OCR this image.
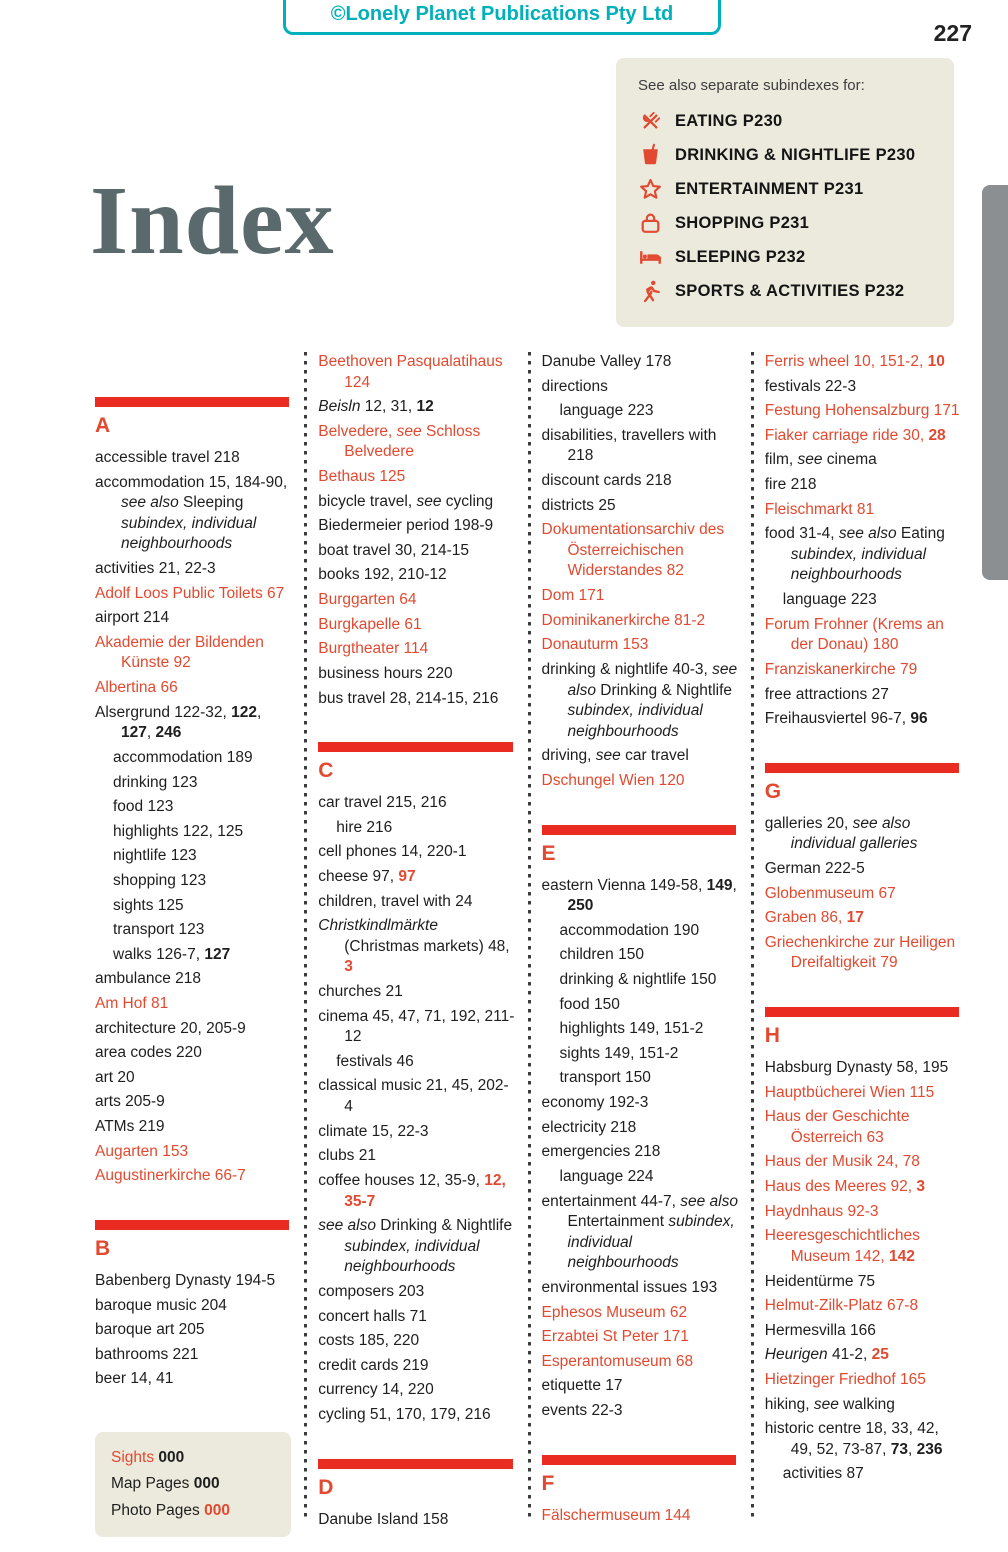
©Lonely Planet Publications Pty Ltd
227
Index
See also separate subindexes for:
EATING P230
DRINKING & NIGHTLIFE P230
ENTERTAINMENT P231
SHOPPING P231
SLEEPING P232
SPORTS & ACTIVITIES P232
A
accessible travel 218
accommodation 15, 184-90, see also Sleeping subindex, individual neighbourhoods
activities 21, 22-3
Adolf Loos Public Toilets 67
airport 214
Akademie der Bildenden Künste 92
Albertina 66
Alsergrund 122-32, 122, 127, 246
accommodation 189
drinking 123
food 123
highlights 122, 125
nightlife 123
shopping 123
sights 125
transport 123
walks 126-7, 127
ambulance 218
Am Hof 81
architecture 20, 205-9
area codes 220
art 20
arts 205-9
ATMs 219
Augarten 153
Augustinerkirche 66-7
B
Babenberg Dynasty 194-5
baroque music 204
baroque art 205
bathrooms 221
beer 14, 41
Sights 000
Map Pages 000
Photo Pages 000
Beethoven Pasqualatihaus 124
Beisln 12, 31, 12
Belvedere, see Schloss Belvedere
Bethaus 125
bicycle travel, see cycling
Biedermeier period 198-9
boat travel 30, 214-15
books 192, 210-12
Burggarten 64
Burgkapelle 61
Burgtheater 114
business hours 220
bus travel 28, 214-15, 216
C
car travel 215, 216
hire 216
cell phones 14, 220-1
cheese 97, 97
children, travel with 24
Christkindlmärkte (Christmas markets) 48, 3
churches 21
cinema 45, 47, 71, 192, 211-12
festivals 46
classical music 21, 45, 202-4
climate 15, 22-3
clubs 21
coffee houses 12, 35-9, 12, 35-7
see also Drinking & Nightlife subindex, individual neighbourhoods
composers 203
concert halls 71
costs 185, 220
credit cards 219
currency 14, 220
cycling 51, 170, 179, 216
D
Danube Island 158
Danube Valley 178
directions
language 223
disabilities, travellers with 218
discount cards 218
districts 25
Dokumentationsarchiv des Österreichischen Widerstandes 82
Dom 171
Dominikanerkirche 81-2
Donauturm 153
drinking & nightlife 40-3, see also Drinking & Nightlife subindex, individual neighbourhoods
driving, see car travel
Dschungel Wien 120
E
eastern Vienna 149-58, 149, 250
accommodation 190
children 150
drinking & nightlife 150
food 150
highlights 149, 151-2
sights 149, 151-2
transport 150
economy 192-3
electricity 218
emergencies 218
language 224
entertainment 44-7, see also Entertainment subindex, individual neighbourhoods
environmental issues 193
Ephesos Museum 62
Erzabtei St Peter 171
Esperantomuseum 68
etiquette 17
events 22-3
F
Fälschermuseum 144
Ferris wheel 10, 151-2, 10
festivals 22-3
Festung Hohensalzburg 171
Fiaker carriage ride 30, 28
film, see cinema
fire 218
Fleischmarkt 81
food 31-4, see also Eating subindex, individual neighbourhoods
language 223
Forum Frohner (Krems an der Donau) 180
Franziskanerkirche 79
free attractions 27
Freihausviertel 96-7, 96
G
galleries 20, see also individual galleries
German 222-5
Globenmuseum 67
Graben 86, 17
Griechenkirche zur Heiligen Dreifaltigkeit 79
H
Habsburg Dynasty 58, 195
Hauptbücherei Wien 115
Haus der Geschichte Österreich 63
Haus der Musik 24, 78
Haus des Meeres 92, 3
Haydnhaus 92-3
Heeresgeschichtliches Museum 142, 142
Heidentürme 75
Helmut-Zilk-Platz 67-8
Hermesvilla 166
Heurigen 41-2, 25
Hietzinger Friedhof 165
hiking, see walking
historic centre 18, 33, 42, 49, 52, 73-87, 73, 236
activities 87
